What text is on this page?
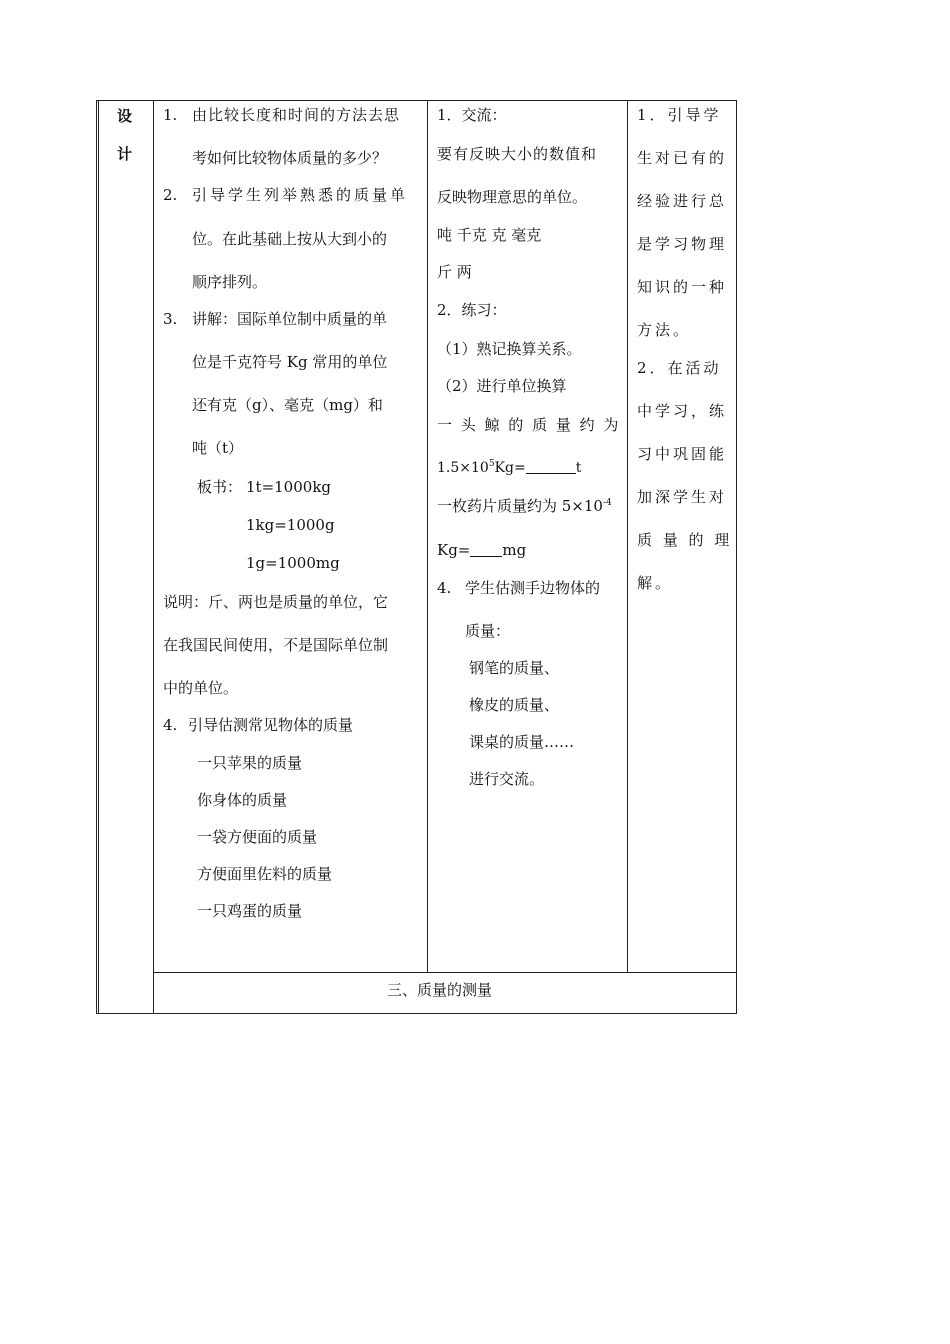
设
计
1. 由比较长度和时间的方法去思
考如何比较物体质量的多少？
2. 引导学生列举熟悉的质量单
位。在此基础上按从大到小的
顺序排列。
3. 讲解：国际单位制中质量的单
位是千克符号 Kg 常用的单位
还有克（g）、毫克（mg）和
吨（t）
板书： 1t=1000kg
1kg=1000g
1g=1000mg
说明：斤、两也是质量的单位，它
在我国民间使用，不是国际单位制
中的单位。
4. 引导估测常见物体的质量
一只苹果的质量
你身体的质量
一袋方便面的质量
方便面里佐料的质量
一只鸡蛋的质量
1．交流：
要有反映大小的数值和
反映物理意思的单位。
吨 千克 克 毫克
斤 两
2．练习：
（1）熟记换算关系。
（2）进行单位换算
一 头 鲸 的 质 量 约 为
$1.5\times 10^5Kg=$	t
一枚药片质量约为 $5\times 10^{-4}$
Kg= mg
4. 学生估测手边物体的
质量：
钢笔的质量、
橡皮的质量、
课桌的质量……
进行交流。
1．引导学
生对已有的
经验进行总
是学习物理
知识的一种
方法。
2．在活动
中学习，练
习中巩固能
加深学生对
质 量 的 理
解。
三、质量的测量
